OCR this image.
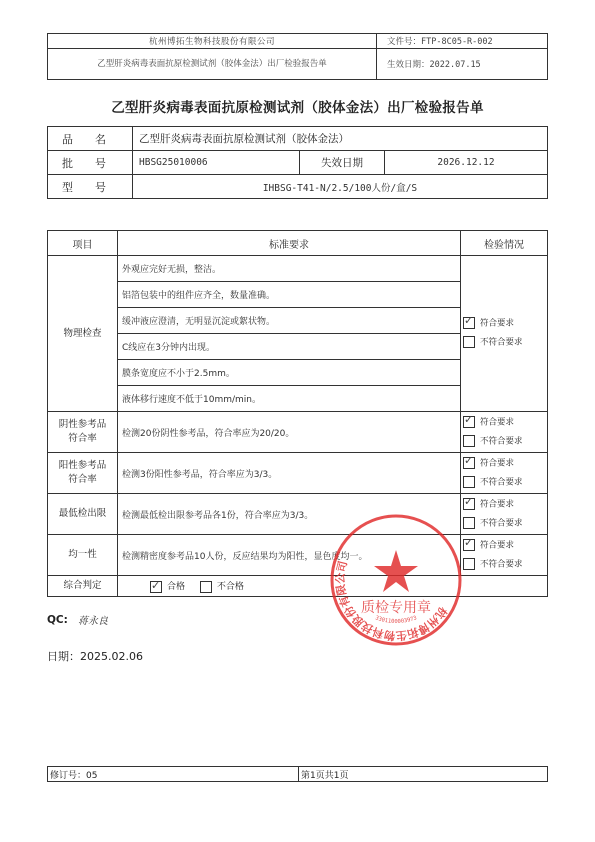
杭州博拓生物科技股份有限公司	文件号：FTP-8C05-R-002
乙型肝炎病毒表面抗原检测试剂（胶体金法）出厂检验报告单	生效日期：2022.07.15
乙型肝炎病毒表面抗原检测试剂（胶体金法）出厂检验报告单
品名	乙型肝炎病毒表面抗原检测试剂（胶体金法）		
批号	HBSG25010006	失效日期	2026.12.12
型号	IHBSG-T41-N/2.5/100人份/盒/S		
项目	标准要求	检验情况
物理检查	外观应完好无损，整洁。	
✓符合要求
不符合要求

	铝箔包装中的组件应齐全，数量准确。	
	缓冲液应澄清，无明显沉淀或絮状物。	
	C线应在3分钟内出现。	
	膜条宽度应不小于2.5mm。	
	液体移行速度不低于10mm/min。	
阴性参考品
符合率	检测20份阴性参考品，符合率应为20/20。	
✓符合要求
不符合要求

阳性参考品
符合率	检测3份阳性参考品，符合率应为3/3。	
✓符合要求
不符合要求

最低检出限	检测最低检出限参考品各1份，符合率应为3/3。	
✓符合要求
不符合要求

均一性	检测精密度参考品10人份，反应结果均为阳性，显色度均一。	
✓符合要求
不符合要求

综合判定	✓合格 不合格
QC: 蒋永良
日期：2025.02.06
杭州博拓生物科技股份有限公司
质检专用章
3301100003973
修订号：05	第1页共1页
